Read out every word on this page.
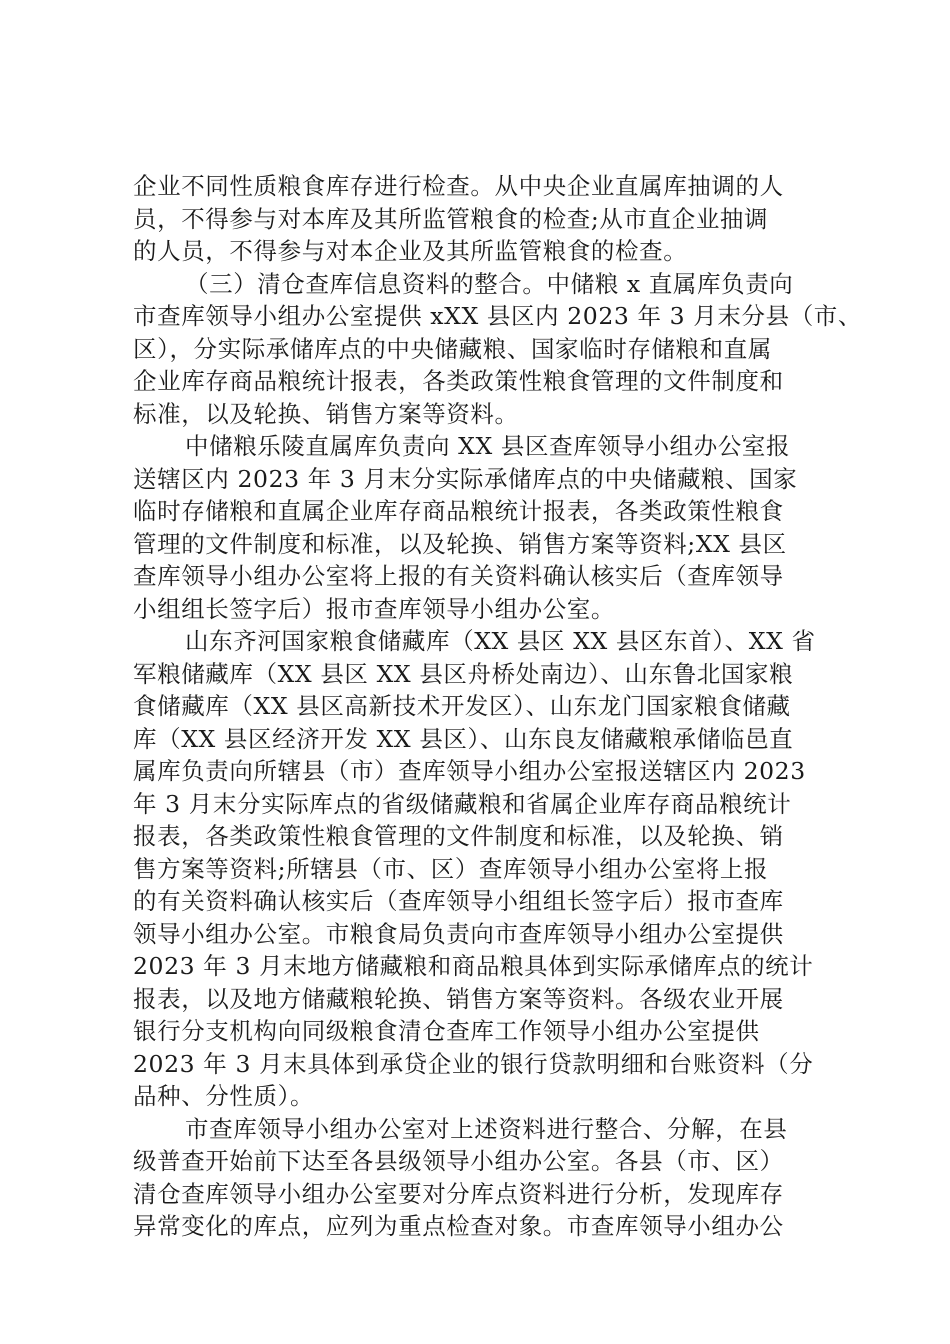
企业不同性质粮食库存进行检查。从中央企业直属库抽调的人
员，不得参与对本库及其所监管粮食的检查;从市直企业抽调
的人员，不得参与对本企业及其所监管粮食的检查。

（三）清仓查库信息资料的整合。中储粮 x 直属库负责向
市查库领导小组办公室提供 xXX 县区内 2023 年 3 月末分县（市、
区），分实际承储库点的中央储藏粮、国家临时存储粮和直属
企业库存商品粮统计报表，各类政策性粮食管理的文件制度和
标准，以及轮换、销售方案等资料。

中储粮乐陵直属库负责向 XX 县区查库领导小组办公室报
送辖区内 2023 年 3 月末分实际承储库点的中央储藏粮、国家
临时存储粮和直属企业库存商品粮统计报表，各类政策性粮食
管理的文件制度和标准，以及轮换、销售方案等资料;XX 县区
查库领导小组办公室将上报的有关资料确认核实后（查库领导
小组组长签字后）报市查库领导小组办公室。

山东齐河国家粮食储藏库（XX 县区 XX 县区东首）、XX 省
军粮储藏库（XX 县区 XX 县区舟桥处南边）、山东鲁北国家粮
食储藏库（XX 县区高新技术开发区）、山东龙门国家粮食储藏
库（XX 县区经济开发 XX 县区）、山东良友储藏粮承储临邑直
属库负责向所辖县（市）查库领导小组办公室报送辖区内 2023
年 3 月末分实际库点的省级储藏粮和省属企业库存商品粮统计
报表，各类政策性粮食管理的文件制度和标准，以及轮换、销
售方案等资料;所辖县（市、区）查库领导小组办公室将上报
的有关资料确认核实后（查库领导小组组长签字后）报市查库
领导小组办公室。市粮食局负责向市查库领导小组办公室提供
2023 年 3 月末地方储藏粮和商品粮具体到实际承储库点的统计
报表，以及地方储藏粮轮换、销售方案等资料。各级农业开展
银行分支机构向同级粮食清仓查库工作领导小组办公室提供
2023 年 3 月末具体到承贷企业的银行贷款明细和台账资料（分
品种、分性质）。

市查库领导小组办公室对上述资料进行整合、分解，在县
级普查开始前下达至各县级领导小组办公室。各县（市、区）
清仓查库领导小组办公室要对分库点资料进行分析，发现库存
异常变化的库点，应列为重点检查对象。市查库领导小组办公
